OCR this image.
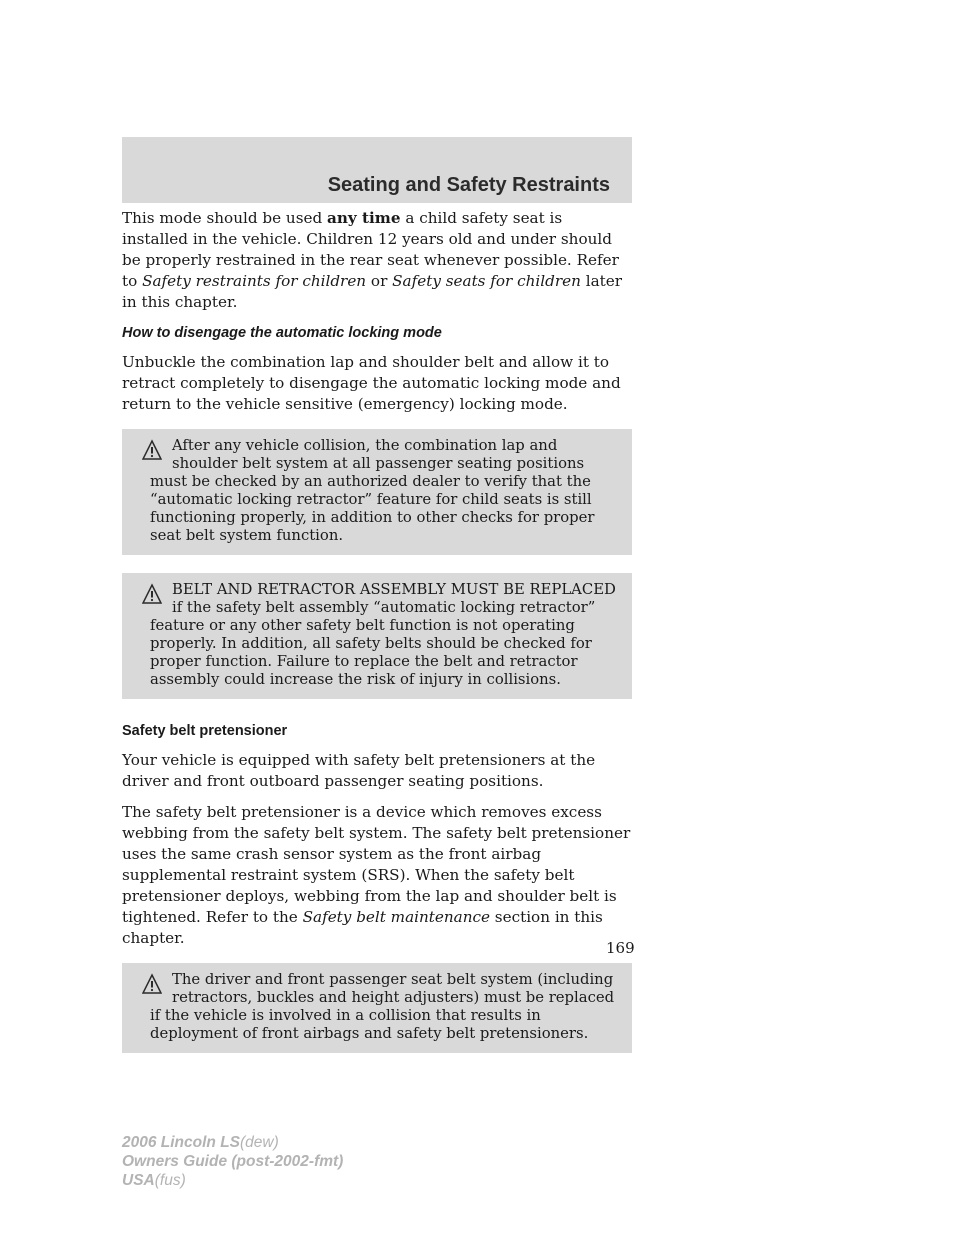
Seating and Safety Restraints

This mode should be used any time a child safety seat is installed in the vehicle. Children 12 years old and under should be properly restrained in the rear seat whenever possible. Refer to Safety restraints for children or Safety seats for children later in this chapter.

How to disengage the automatic locking mode

Unbuckle the combination lap and shoulder belt and allow it to retract completely to disengage the automatic locking mode and return to the vehicle sensitive (emergency) locking mode.

After any vehicle collision, the combination lap and shoulder belt system at all passenger seating positions must be checked by an authorized dealer to verify that the “automatic locking retractor” feature for child seats is still functioning properly, in addition to other checks for proper seat belt system function.
BELT AND RETRACTOR ASSEMBLY MUST BE REPLACED if the safety belt assembly “automatic locking retractor” feature or any other safety belt function is not operating properly. In addition, all safety belts should be checked for proper function. Failure to replace the belt and retractor assembly could increase the risk of injury in collisions.
Safety belt pretensioner

Your vehicle is equipped with safety belt pretensioners at the driver and front outboard passenger seating positions.

The safety belt pretensioner is a device which removes excess webbing from the safety belt system. The safety belt pretensioner uses the same crash sensor system as the front airbag supplemental restraint system (SRS). When the safety belt pretensioner deploys, webbing from the lap and shoulder belt is tightened. Refer to the Safety belt maintenance section in this chapter.

The driver and front passenger seat belt system (including retractors, buckles and height adjusters) must be replaced if the vehicle is involved in a collision that results in deployment of front airbags and safety belt pretensioners.
169
2006 Lincoln LS(dew)
Owners Guide (post-2002-fmt)
USA(fus)
